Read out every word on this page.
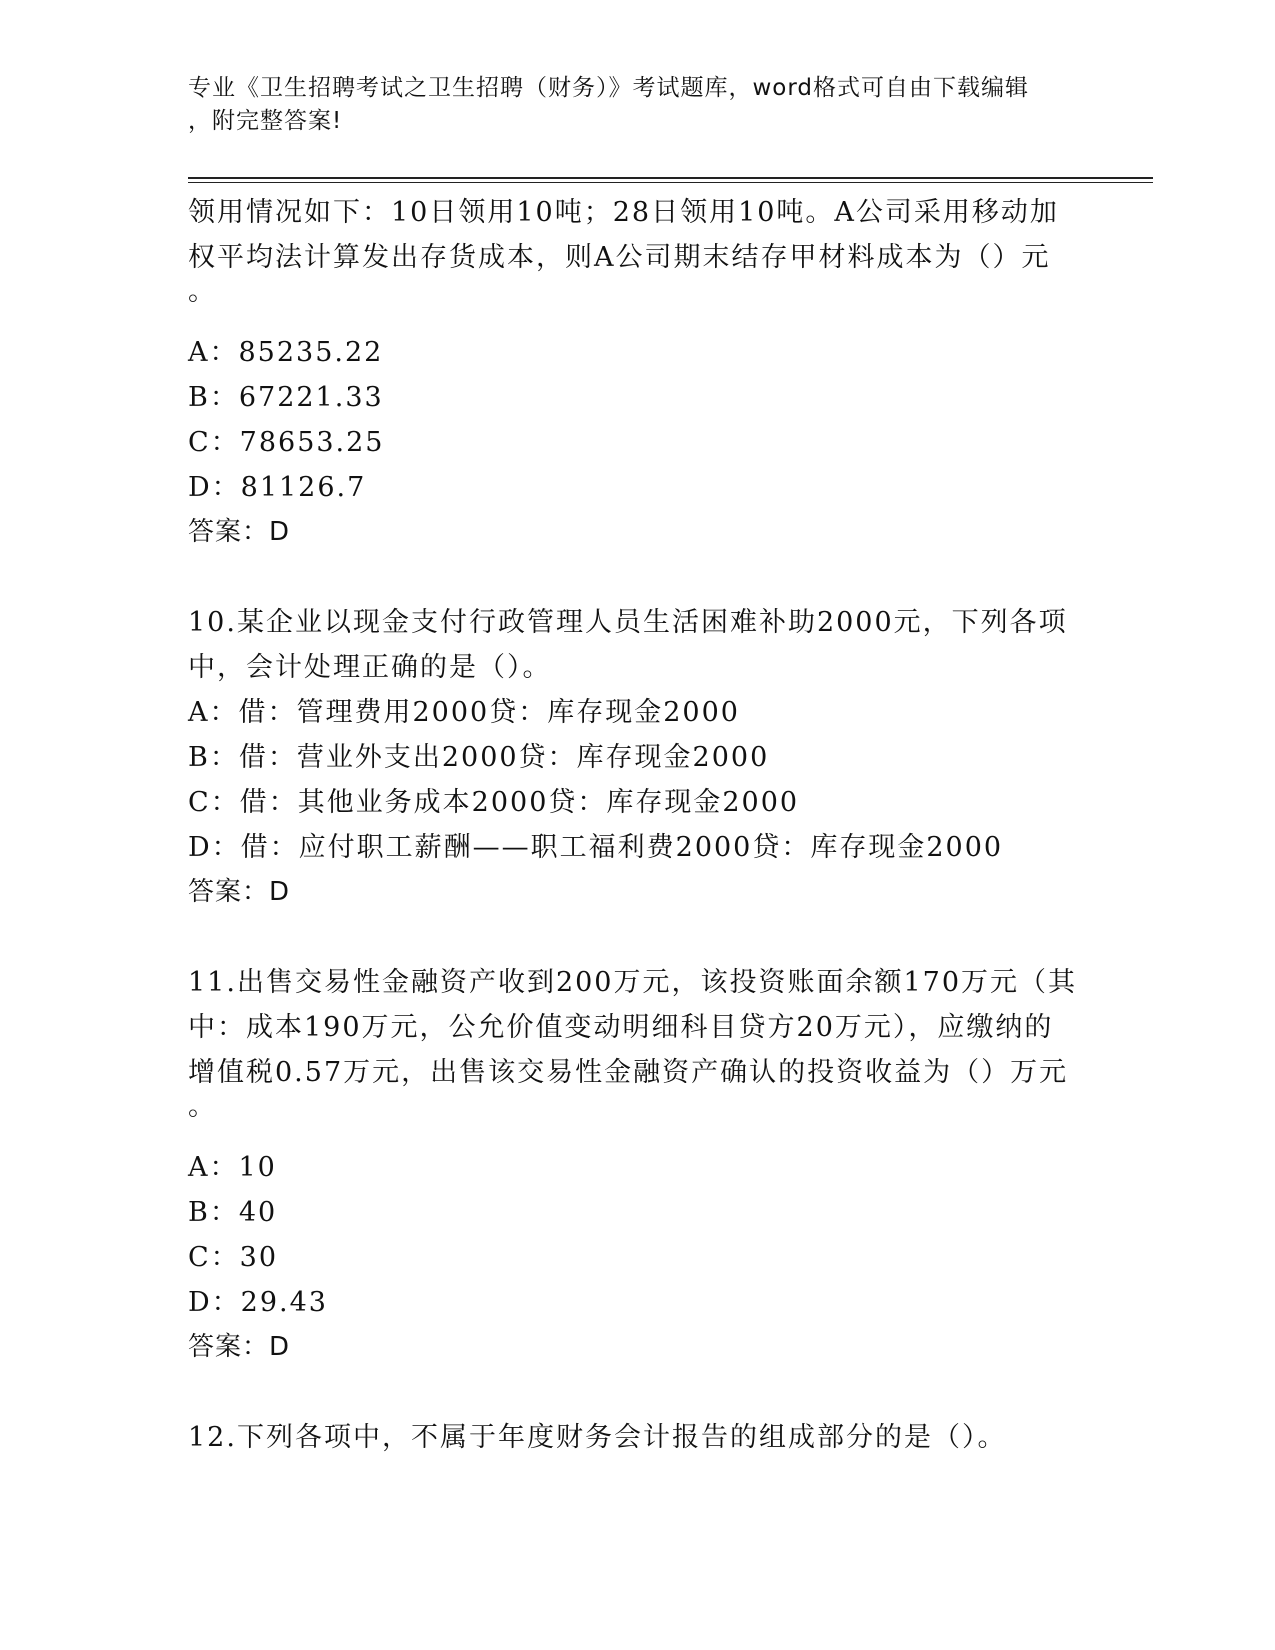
专业《卫生招聘考试之卫生招聘（财务）》考试题库，word格式可自由下载编辑
，附完整答案!
领用情况如下：10日领用10吨；28日领用10吨。A公司采用移动加
权平均法计算发出存货成本，则A公司期末结存甲材料成本为（）元
。
A：85235.22
B：67221.33
C：78653.25
D：81126.7
答案：D
10.某企业以现金支付行政管理人员生活困难补助2000元，下列各项
中，会计处理正确的是（）。
A：借：管理费用2000贷：库存现金2000
B：借：营业外支出2000贷：库存现金2000
C：借：其他业务成本2000贷：库存现金2000
D：借：应付职工薪酬——职工福利费2000贷：库存现金2000
答案：D
11.出售交易性金融资产收到200万元，该投资账面余额170万元（其
中：成本190万元，公允价值变动明细科目贷方20万元），应缴纳的
增值税0.57万元，出售该交易性金融资产确认的投资收益为（）万元
。
A：10
B：40
C：30
D：29.43
答案：D
12.下列各项中，不属于年度财务会计报告的组成部分的是（）。
